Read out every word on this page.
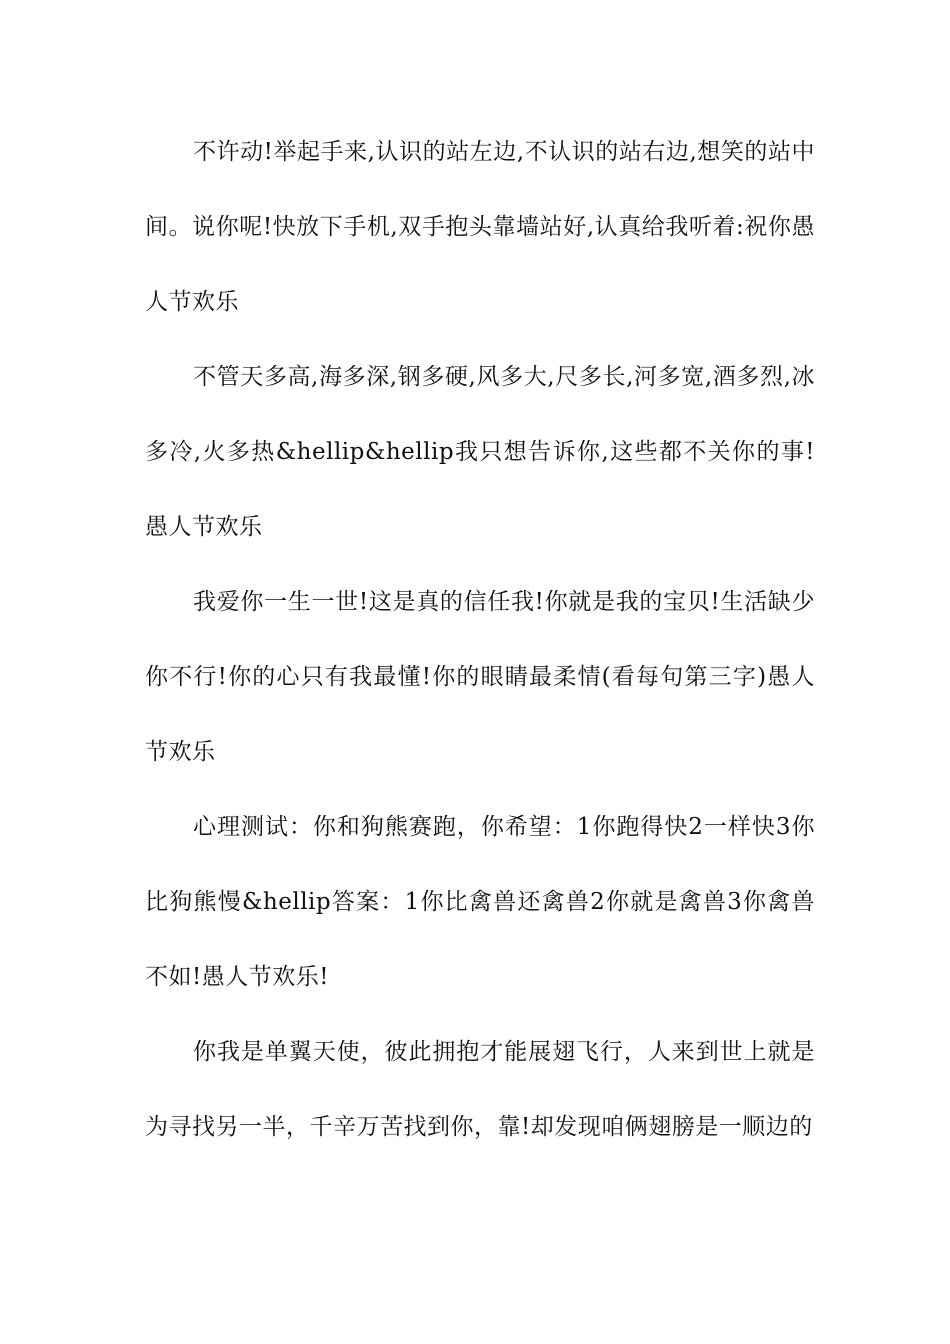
不许动!举起手来,认识的站左边,不认识的站右边,想笑的站中间。说你呢!快放下手机,双手抱头靠墙站好,认真给我听着:祝你愚人节欢乐

不管天多高,海多深,钢多硬,风多大,尺多长,河多宽,酒多烈,冰多冷,火多热&hellip&hellip我只想告诉你,这些都不关你的事!愚人节欢乐

我爱你一生一世!这是真的信任我!你就是我的宝贝!生活缺少你不行!你的心只有我最懂!你的眼睛最柔情(看每句第三字)愚人节欢乐

心理测试：你和狗熊赛跑，你希望：1你跑得快2一样快3你比狗熊慢&hellip答案：1你比禽兽还禽兽2你就是禽兽3你禽兽不如!愚人节欢乐!

你我是单翼天使，彼此拥抱才能展翅飞行，人来到世上就是为寻找另一半，千辛万苦找到你，靠!却发现咱俩翅膀是一顺边的
